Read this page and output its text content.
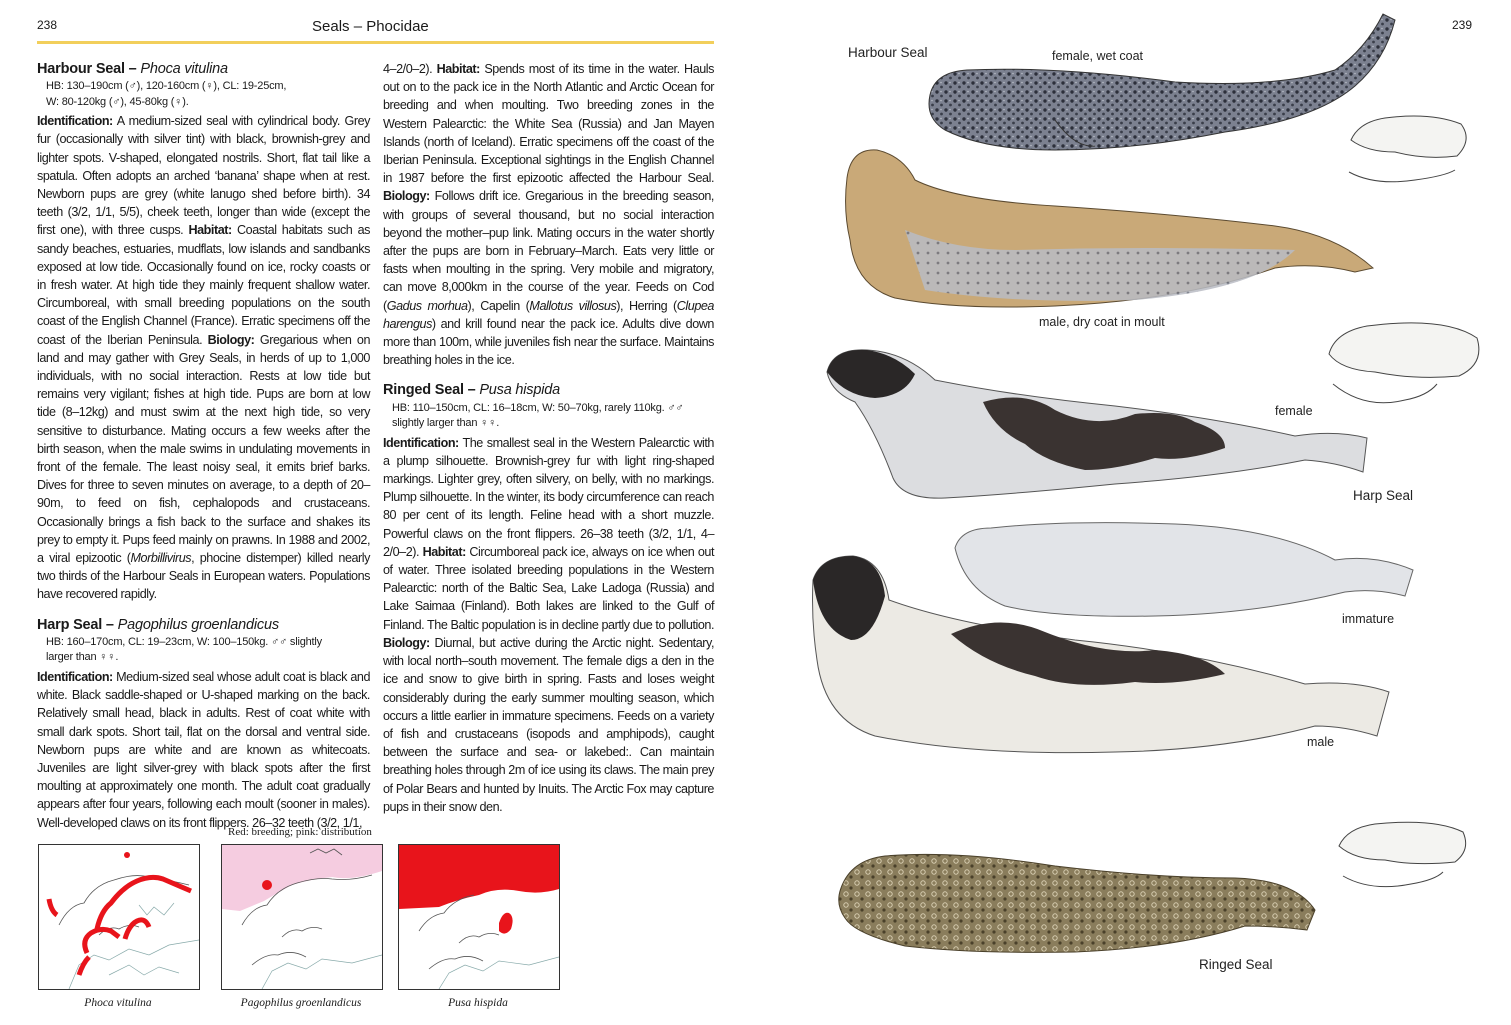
238	Seals – Phocidae
Harbour Seal – Phoca vitulina
HB: 130–190cm (♂), 120-160cm (♀), CL: 19-25cm,
W: 80-120kg (♂), 45-80kg (♀).

Identification: A medium-sized seal with cylindrical body. Grey fur (occasionally with silver tint) with black, brownish-grey and lighter spots. V-shaped, elongated nostrils. Short, flat tail like a spatula. Often adopts an arched ‘banana’ shape when at rest. Newborn pups are grey (white lanugo shed before birth). 34 teeth (3/2, 1/1, 5/5), cheek teeth, longer than wide (except the first one), with three cusps. Habitat: Coastal habitats such as sandy beaches, estuaries, mudflats, low islands and sandbanks exposed at low tide. Occasionally found on ice, rocky coasts or in fresh water. At high tide they mainly frequent shallow water. Circumboreal, with small breeding populations on the south coast of the English Channel (France). Erratic specimens off the coast of the Iberian Peninsula. Biology: Gregarious when on land and may gather with Grey Seals, in herds of up to 1,000 individuals, with no social interaction. Rests at low tide but remains very vigilant; fishes at high tide. Pups are born at low tide (8–12kg) and must swim at the next high tide, so very sensitive to disturbance. Mating occurs a few weeks after the birth season, when the male swims in undulating movements in front of the female. The least noisy seal, it emits brief barks. Dives for three to seven minutes on average, to a depth of 20–90m, to feed on fish, cephalopods and crustaceans. Occasionally brings a fish back to the surface and shakes its prey to empty it. Pups feed mainly on prawns. In 1988 and 2002, a viral epizootic (Morbillivirus, phocine distemper) killed nearly two thirds of the Harbour Seals in European waters. Populations have recovered rapidly.

Harp Seal – Pagophilus groenlandicus
HB: 160–170cm, CL: 19–23cm, W: 100–150kg. ♂♂ slightly
larger than ♀♀.

Identification: Medium-sized seal whose adult coat is black and white. Black saddle-shaped or U-shaped marking on the back. Relatively small head, black in adults. Rest of coat white with small dark spots. Short tail, flat on the dorsal and ventral side. Newborn pups are white and are known as whitecoats. Juveniles are light silver-grey with black spots after the first moulting at approximately one month. The adult coat gradually appears after four years, following each moult (sooner in males). Well-developed claws on its front flippers. 26–32 teeth (3/2, 1/1,

4–2/0–2). Habitat: Spends most of its time in the water. Hauls out on to the pack ice in the North Atlantic and Arctic Ocean for breeding and when moulting. Two breeding zones in the Western Palearctic: the White Sea (Russia) and Jan Mayen Islands (north of Iceland). Erratic specimens off the coast of the Iberian Peninsula. Exceptional sightings in the English Channel in 1987 before the first epizootic affected the Harbour Seal. Biology: Follows drift ice. Gregarious in the breeding season, with groups of several thousand, but no social interaction beyond the mother–pup link. Mating occurs in the water shortly after the pups are born in February–March. Eats very little or fasts when moulting in the spring. Very mobile and migratory, can move 8,000km in the course of the year. Feeds on Cod (Gadus morhua), Capelin (Mallotus villosus), Herring (Clupea harengus) and krill found near the pack ice. Adults dive down more than 100m, while juveniles fish near the surface. Maintains breathing holes in the ice.

Ringed Seal – Pusa hispida
HB: 110–150cm, CL: 16–18cm, W: 50–70kg, rarely 110kg. ♂♂
slightly larger than ♀♀.

Identification: The smallest seal in the Western Palearctic with a plump silhouette. Brownish-grey fur with light ring-shaped markings. Lighter grey, often silvery, on belly, with no markings. Plump silhouette. In the winter, its body circumference can reach 80 per cent of its length. Feline head with a short muzzle. Powerful claws on the front flippers. 26–38 teeth (3/2, 1/1, 4–2/0–2). Habitat: Circumboreal pack ice, always on ice when out of water. Three isolated breeding populations in the Western Palearctic: north of the Baltic Sea, Lake Ladoga (Russia) and Lake Saimaa (Finland). Both lakes are linked to the Gulf of Finland. The Baltic population is in decline partly due to pollution. Biology: Diurnal, but active during the Arctic night. Sedentary, with local north–south movement. The female digs a den in the ice and snow to give birth in spring. Fasts and loses weight considerably during the early summer moulting season, which occurs a little earlier in immature specimens. Feeds on a variety of fish and crustaceans (isopods and amphipods), caught between the surface and sea- or lakebed:. Can maintain breathing holes through 2m of ice using its claws. The main prey of Polar Bears and hunted by Inuits. The Arctic Fox may capture pups in their snow den.

Red: breeding; pink: distribution
Phoca vitulina	Pagophilus groenlandicus	Pusa hispida
239
Harbour Seal	female, wet coat
male, dry coat in moult
female
Harp Seal
immature
male
Ringed Seal
